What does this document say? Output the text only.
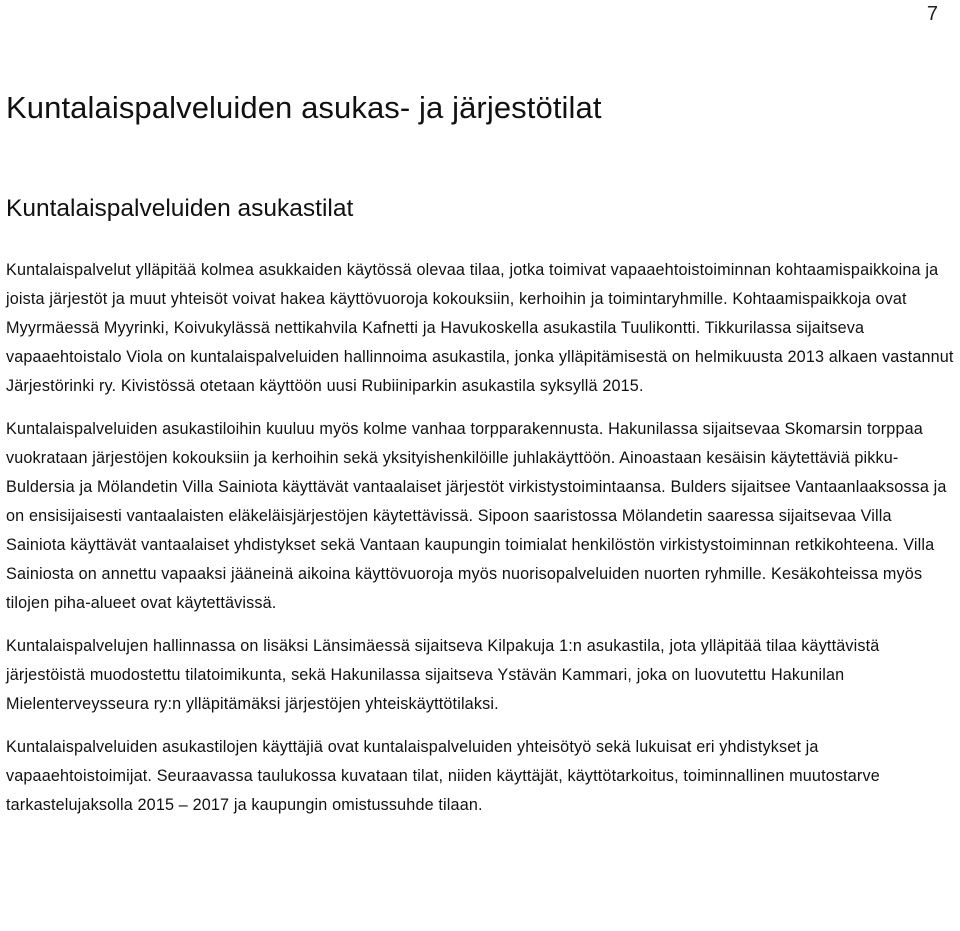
7
Kuntalaispalveluiden asukas- ja järjestötilat
Kuntalaispalveluiden asukastilat

Kuntalaispalvelut ylläpitää kolmea asukkaiden käytössä olevaa tilaa, jotka toimivat vapaaehtoistoiminnan kohtaamispaikkoina ja joista järjestöt ja muut yhteisöt voivat hakea käyttövuoroja kokouksiin, kerhoihin ja toimintaryhmille. Kohtaamispaikkoja ovat Myyrmäessä Myyrinki, Koivukylässä nettikahvila Kafnetti ja Havukoskella asukastila Tuulikontti. Tikkurilassa sijaitseva vapaaehtoistalo Viola on kuntalaispalveluiden hallinnoima asukastila, jonka ylläpitämisestä on helmikuusta 2013 alkaen vastannut Järjestörinki ry. Kivistössä otetaan käyttöön uusi Rubiiniparkin asukastila syksyllä 2015.

Kuntalaispalveluiden asukastiloihin kuuluu myös kolme vanhaa torpparakennusta. Hakunilassa sijaitsevaa Skomarsin torppaa vuokrataan järjestöjen kokouksiin ja kerhoihin sekä yksityishenkilöille juhlakäyttöön. Ainoastaan kesäisin käytettäviä pikku-Buldersia ja Mölandetin Villa Sainiota käyttävät vantaalaiset järjestöt virkistystoimintaansa. Bulders sijaitsee Vantaanlaaksossa ja on ensisijaisesti vantaalaisten eläkeläisjärjestöjen käytettävissä. Sipoon saaristossa Mölandetin saaressa sijaitsevaa Villa Sainiota käyttävät vantaalaiset yhdistykset sekä Vantaan kaupungin toimialat henkilöstön virkistystoiminnan retkikohteena. Villa Sainiosta on annettu vapaaksi jääneinä aikoina käyttövuoroja myös nuorisopalveluiden nuorten ryhmille. Kesäkohteissa myös tilojen piha-alueet ovat käytettävissä.

Kuntalaispalvelujen hallinnassa on lisäksi Länsimäessä sijaitseva Kilpakuja 1:n asukastila, jota ylläpitää tilaa käyttävistä järjestöistä muodostettu tilatoimikunta, sekä Hakunilassa sijaitseva Ystävän Kammari, joka on luovutettu Hakunilan Mielenterveysseura ry:n ylläpitämäksi järjestöjen yhteiskäyttötilaksi.

Kuntalaispalveluiden asukastilojen käyttäjiä ovat kuntalaispalveluiden yhteisötyö sekä lukuisat eri yhdistykset ja vapaaehtoistoimijat. Seuraavassa taulukossa kuvataan tilat, niiden käyttäjät, käyttötarkoitus, toiminnallinen muutostarve tarkastelujaksolla 2015 – 2017 ja kaupungin omistussuhde tilaan.
